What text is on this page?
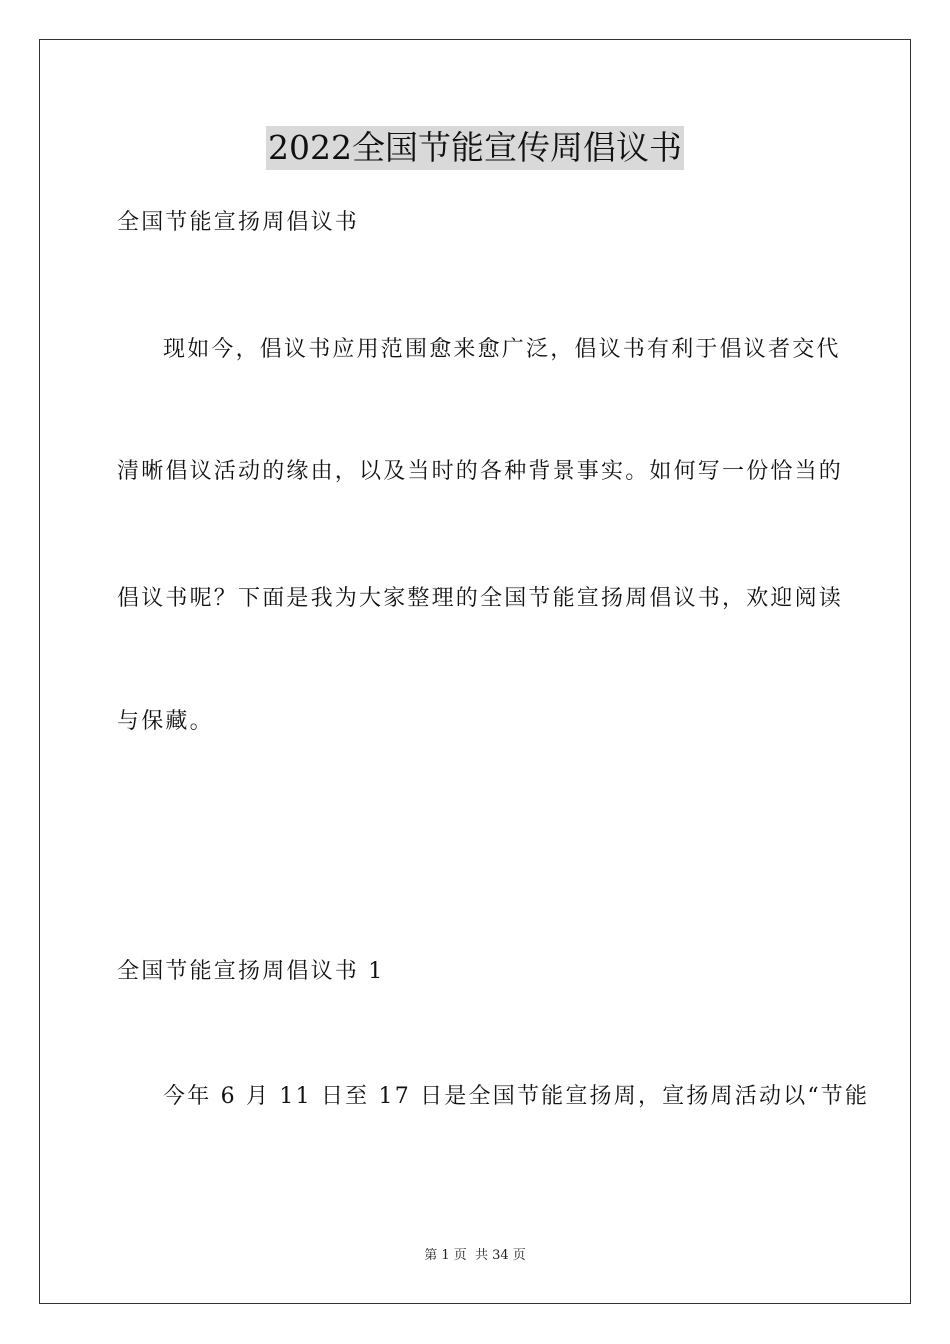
2022全国节能宣传周倡议书
全国节能宣扬周倡议书
现如今，倡议书应用范围愈来愈广泛，倡议书有利于倡议者交代
清晰倡议活动的缘由，以及当时的各种背景事实。如何写一份恰当的
倡议书呢？下面是我为大家整理的全国节能宣扬周倡议书，欢迎阅读
与保藏。
全国节能宣扬周倡议书 1
今年 6 月 11 日至 17 日是全国节能宣扬周，宣扬周活动以“节能
第 1 页 共 34 页
